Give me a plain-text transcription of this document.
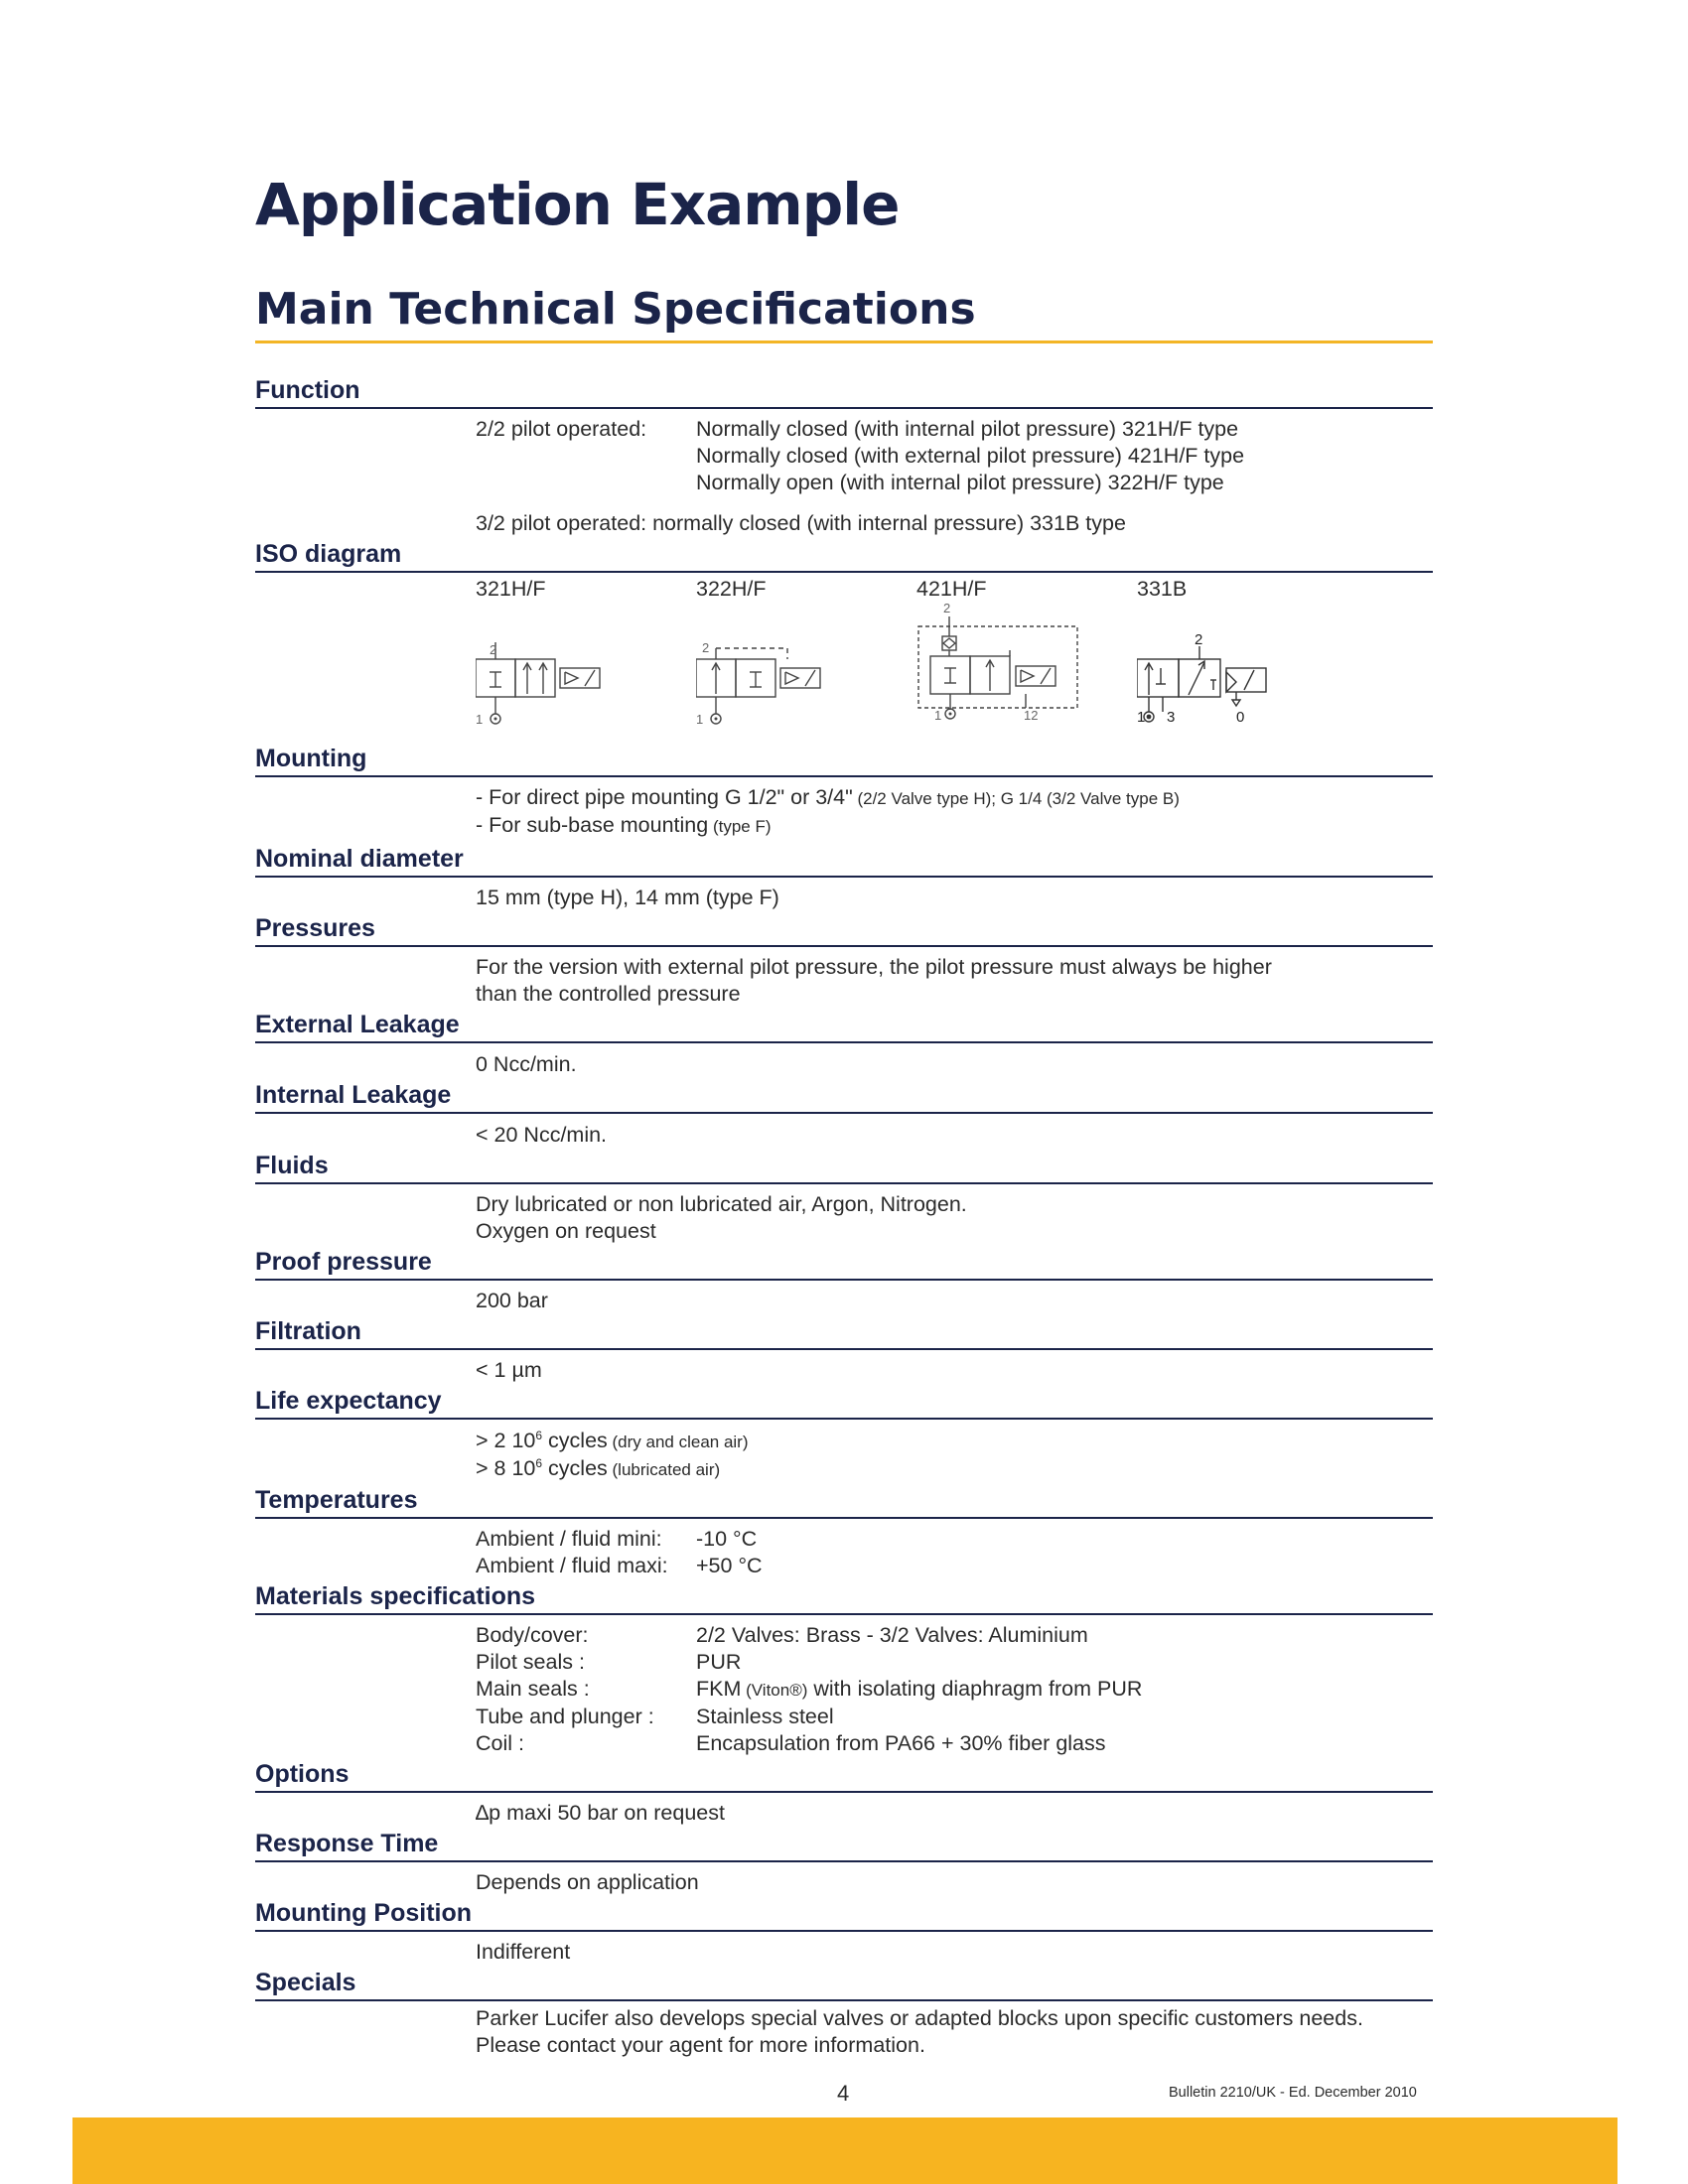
Application Example
Main Technical Specifications
Function
2/2 pilot operated:	Normally closed (with internal pilot pressure) 321H/F type
Normally closed (with external pilot pressure) 421H/F type
Normally open (with internal pilot pressure) 322H/F type
3/2 pilot operated: normally closed (with internal pressure) 331B type
ISO diagram
321H/F
2
1
322H/F
2
1
421H/F
2
1	12
331B
2
1 3	0
Mounting
- For direct pipe mounting G 1/2" or 3/4" (2/2 Valve type H); G 1/4 (3/2 Valve type B)
- For sub-base mounting (type F)
Nominal diameter
15 mm (type H), 14 mm (type F)
Pressures
For the version with external pilot pressure, the pilot pressure must always be higher
than the controlled pressure
External Leakage
0 Ncc/min.
Internal Leakage
< 20 Ncc/min.
Fluids
Dry lubricated or non lubricated air, Argon, Nitrogen.
Oxygen on request
Proof pressure
200 bar
Filtration
< 1 µm
Life expectancy
> 2 $10^6$ cycles (dry and clean air)
> 8 $10^6$ cycles (lubricated air)
Temperatures
Ambient / fluid mini:	-10 °C
Ambient / fluid maxi:	+50 °C
Materials specifications
Body/cover:	2/2 Valves: Brass - 3/2 Valves: Aluminium
Pilot seals :	PUR
Main seals :	FKM (Viton®) with isolating diaphragm from PUR
Tube and plunger :	Stainless steel
Coil :	Encapsulation from PA66 + 30% fiber glass
Options
∆p maxi 50 bar on request
Response Time
Depends on application
Mounting Position
Indifferent
Specials
Parker Lucifer also develops special valves or adapted blocks upon specific customers needs.
Please contact your agent for more information.
4	Bulletin 2210/UK - Ed. December 2010
